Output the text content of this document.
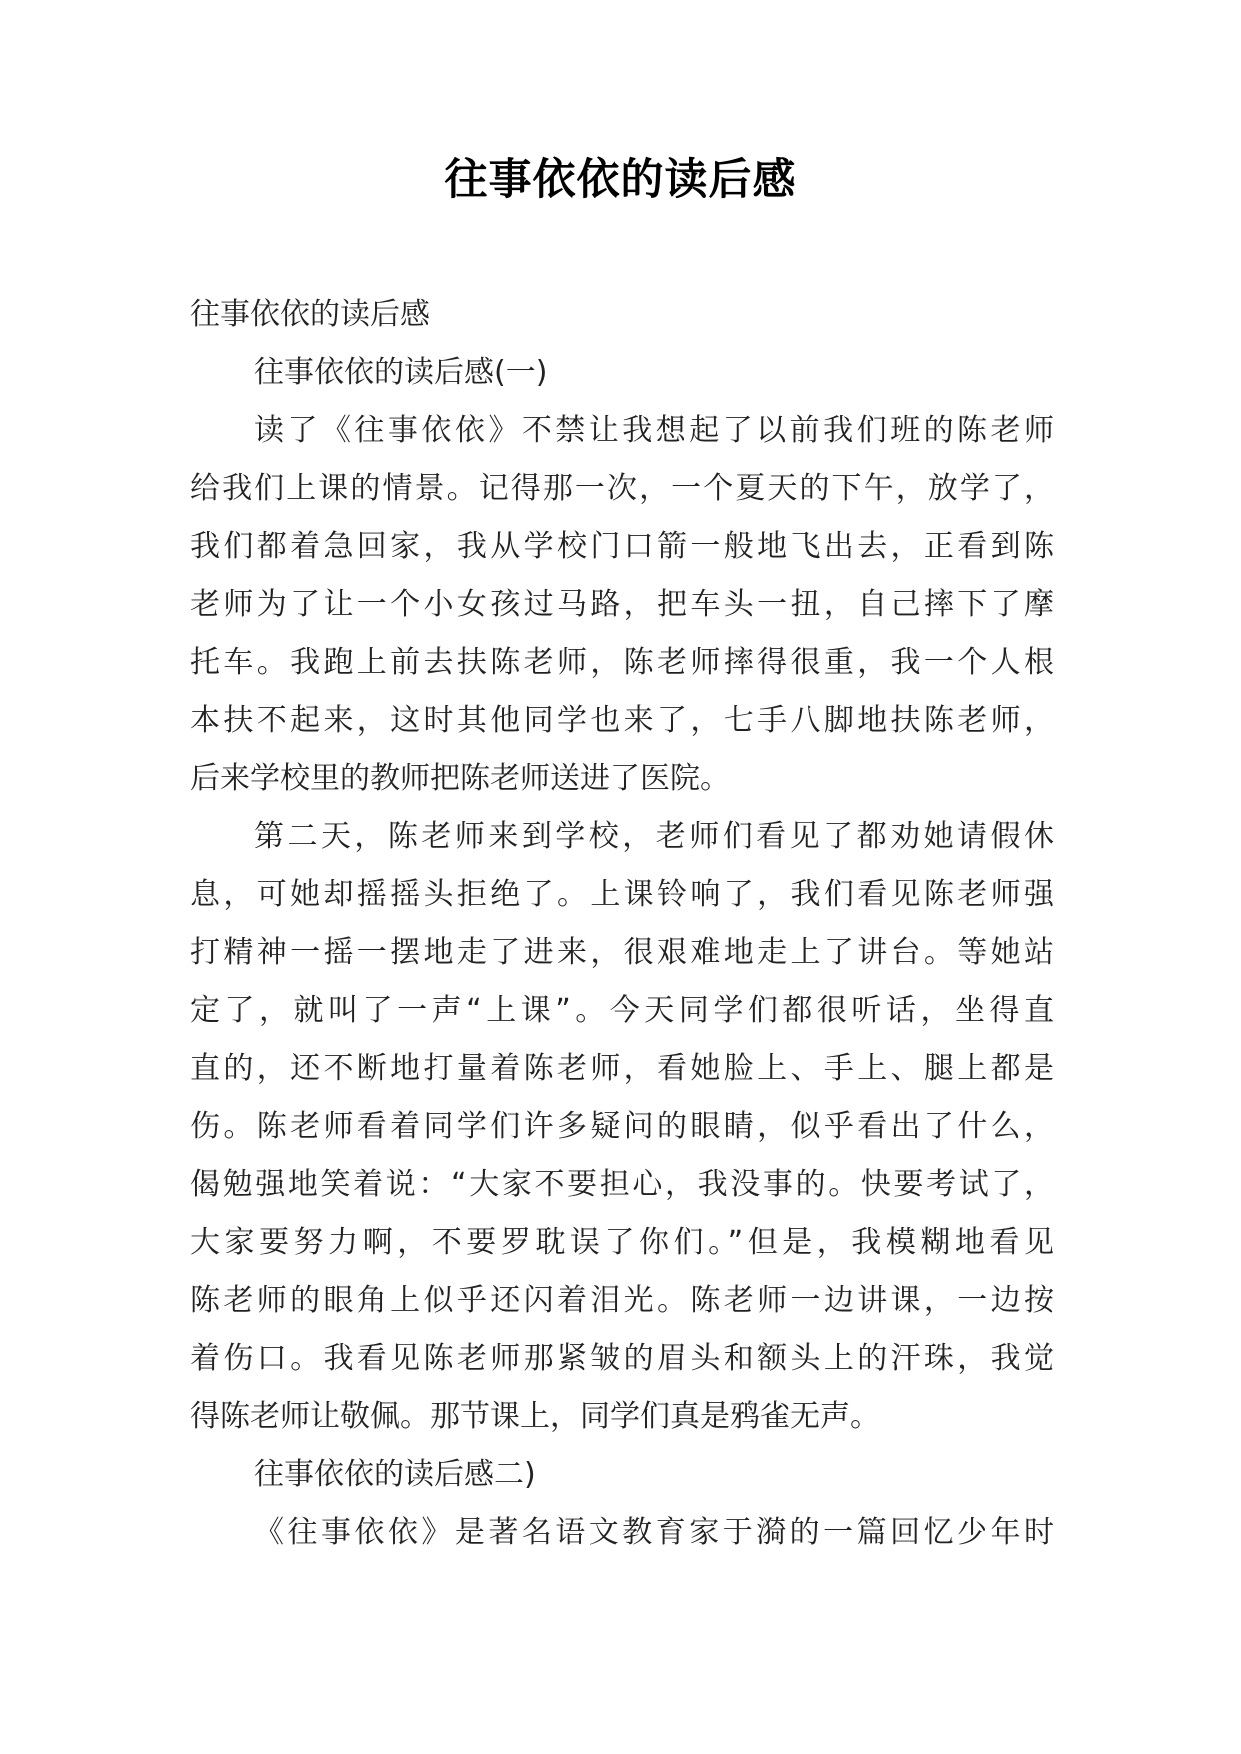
往事依依的读后感
往事依依的读后感
往事依依的读后感(一)
读了《往事依依》不禁让我想起了以前我们班的陈老师
给我们上课的情景。记得那一次，一个夏天的下午，放学了，
我们都着急回家，我从学校门口箭一般地飞出去，正看到陈
老师为了让一个小女孩过马路，把车头一扭，自己摔下了摩
托车。我跑上前去扶陈老师，陈老师摔得很重，我一个人根
本扶不起来，这时其他同学也来了，七手八脚地扶陈老师，
后来学校里的教师把陈老师送进了医院。
第二天，陈老师来到学校，老师们看见了都劝她请假休
息，可她却摇摇头拒绝了。上课铃响了，我们看见陈老师强
打精神一摇一摆地走了进来，很艰难地走上了讲台。等她站
定了，就叫了一声“上课”。今天同学们都很听话，坐得直
直的，还不断地打量着陈老师，看她脸上、手上、腿上都是
伤。陈老师看着同学们许多疑问的眼睛，似乎看出了什么，
偈勉强地笑着说：“大家不要担心，我没事的。快要考试了，
大家要努力啊，不要罗耽误了你们。”但是，我模糊地看见
陈老师的眼角上似乎还闪着泪光。陈老师一边讲课，一边按
着伤口。我看见陈老师那紧皱的眉头和额头上的汗珠，我觉
得陈老师让敬佩。那节课上，同学们真是鸦雀无声。
往事依依的读后感二)
《往事依依》是著名语文教育家于漪的一篇回忆少年时
